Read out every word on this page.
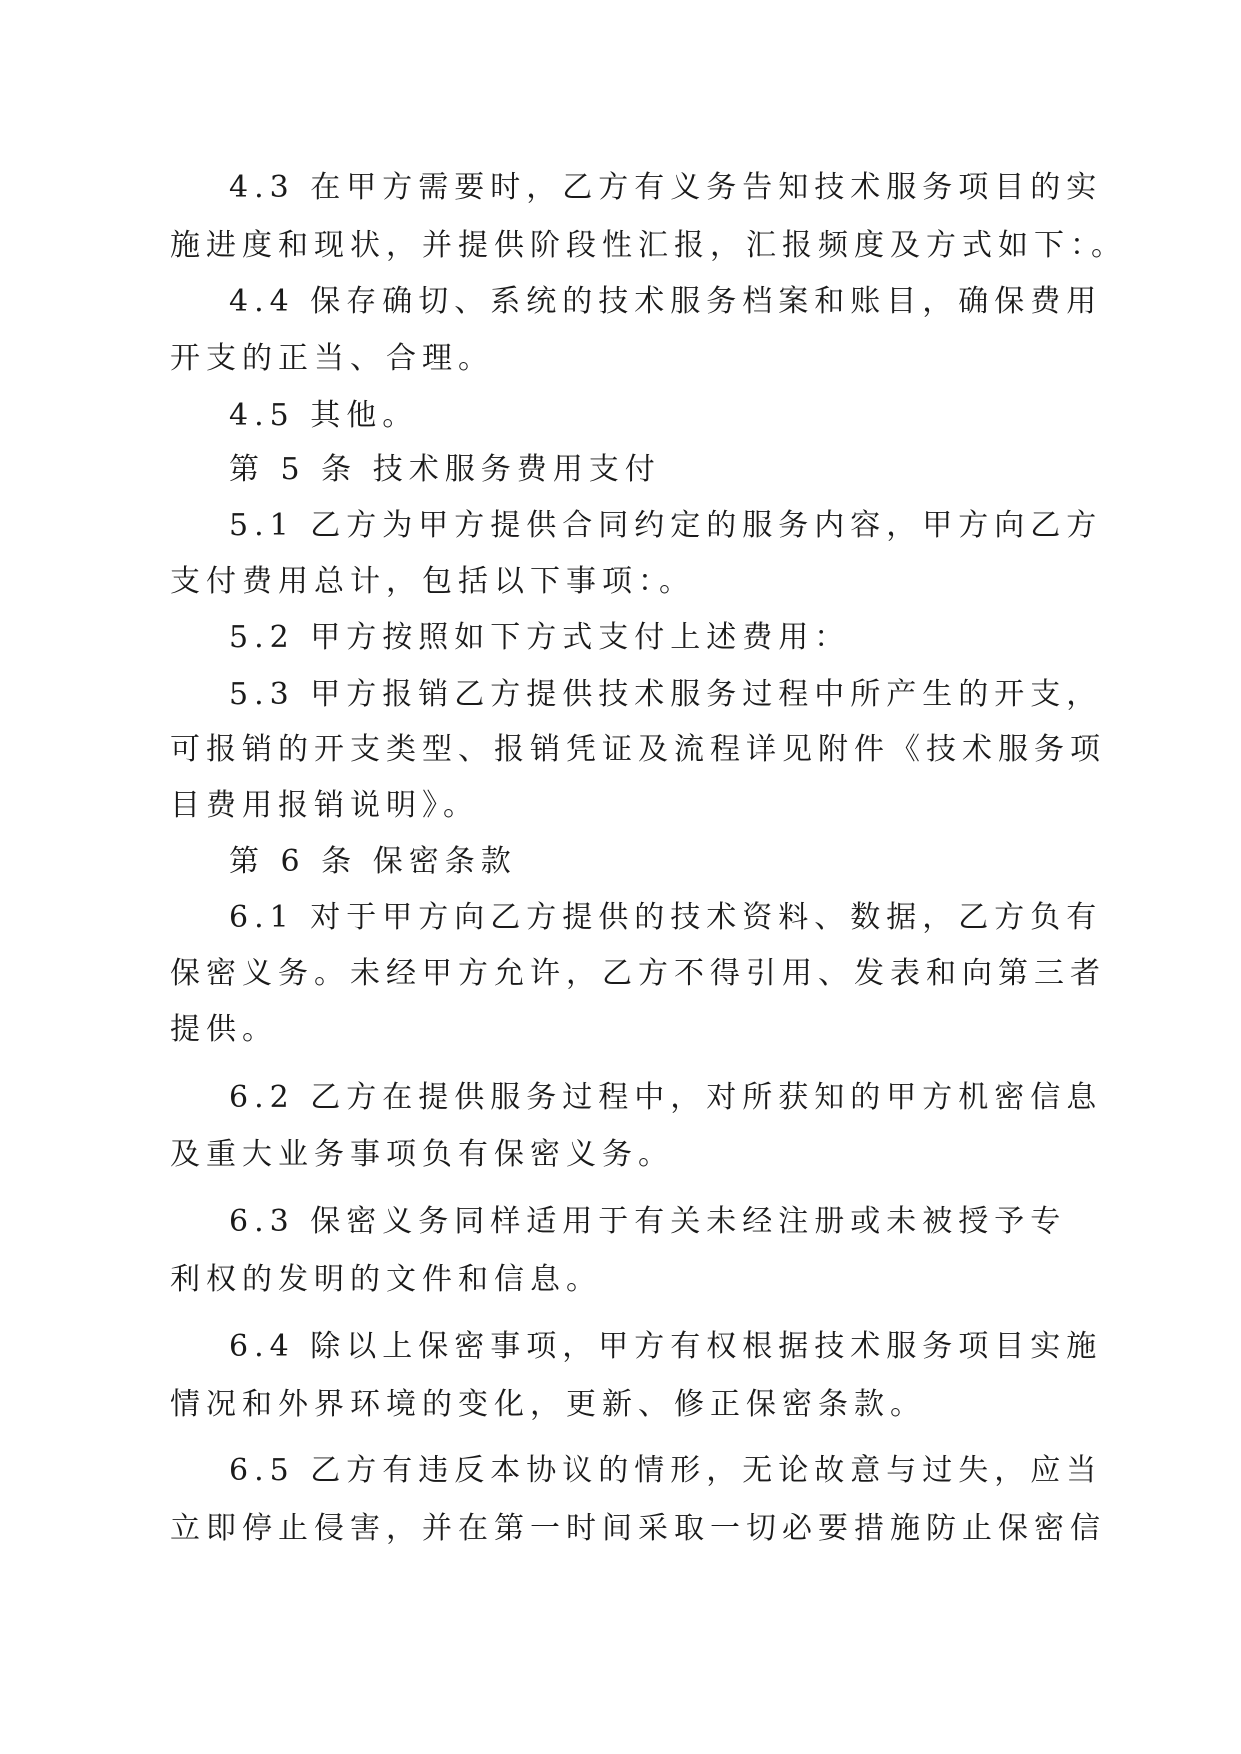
4.3 在甲方需要时，乙方有义务告知技术服务项目的实
施进度和现状，并提供阶段性汇报，汇报频度及方式如下：。
4.4 保存确切、系统的技术服务档案和账目，确保费用
开支的正当、合理。
4.5 其他。
第 5 条 技术服务费用支付
5.1 乙方为甲方提供合同约定的服务内容，甲方向乙方
支付费用总计，包括以下事项：。
5.2 甲方按照如下方式支付上述费用：
5.3 甲方报销乙方提供技术服务过程中所产生的开支，
可报销的开支类型、报销凭证及流程详见附件《技术服务项
目费用报销说明》。
第 6 条 保密条款
6.1 对于甲方向乙方提供的技术资料、数据，乙方负有
保密义务。未经甲方允许，乙方不得引用、发表和向第三者
提供。
6.2 乙方在提供服务过程中，对所获知的甲方机密信息
及重大业务事项负有保密义务。
6.3 保密义务同样适用于有关未经注册或未被授予专
利权的发明的文件和信息。
6.4 除以上保密事项，甲方有权根据技术服务项目实施
情况和外界环境的变化，更新、修正保密条款。
6.5 乙方有违反本协议的情形，无论故意与过失，应当
立即停止侵害，并在第一时间采取一切必要措施防止保密信
